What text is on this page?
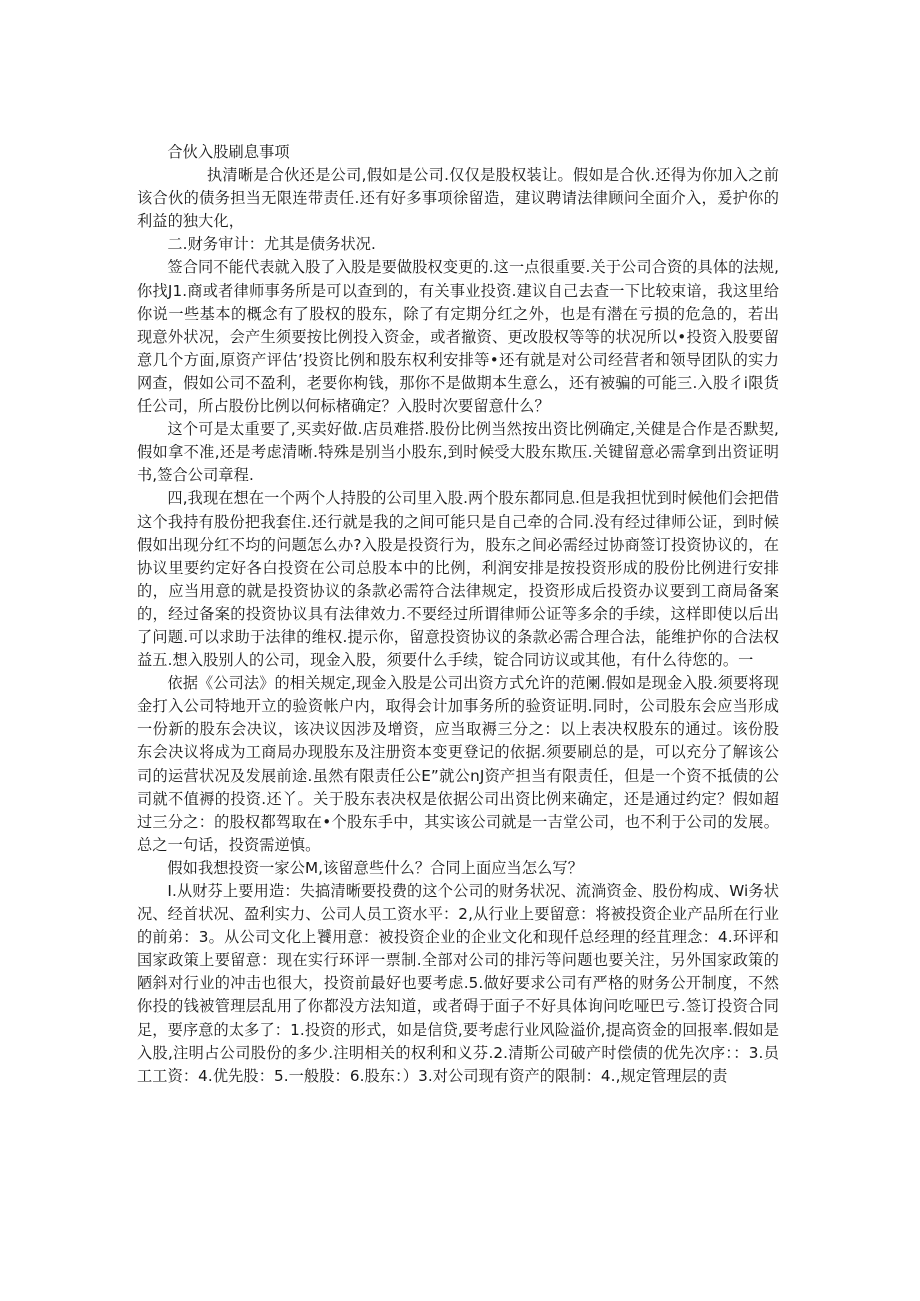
合伙入股刷息事项

执清晰是合伙还是公司,假如是公司.仅仅是股权装让。假如是合伙.还得为你加入之前该合伙的债务担当无限连带责任.还有好多事项徐留造，建议聘请法律顾问全面介入，爰护你的利益的独大化，

二.财务审计：尤其是债务状况.

签合同不能代表就入股了入股是要做股权变更的.这一点很重要.关于公司合资的具体的法规,你找J1.商或者律师事务所是可以查到的，有关事业投资.建议自己去查一下比较束谙，我这里给你说一些基本的概念有了股权的股东，除了有定期分红之外，也是有潜在亏损的危急的，若出现意外状况，会产生须要按比例投入资金，或者撤资、更改股权等等的状况所以•投资入股要留意几个方面,原资产评估’投资比例和股东权利安排等•还有就是对公司经营者和领导团队的实力网查，假如公司不盈利，老要你枸钱，那你不是做期本生意么，还有被骗的可能三.入股彳i限货任公司，所占股份比例以何标楮确定？入股时次要留意什么？

这个可是太重要了,买卖好做.店员难搭.股份比例当然按出资比例确定,关健是合作是否默契,假如拿不准,还是考虑清晰.特殊是别当小股东,到时候受大股东欺压.关键留意必需拿到出资证明书,签合公司章程.

四,我现在想在一个两个人持股的公司里入股.两个股东都同息.但是我担忧到时候他们会把借这个我持有股份把我套住.还行就是我的之间可能只是自己牵的合同.没有经过律师公证，到时候假如出现分红不均的问题怎么办?入股是投资行为，股东之间必需经过协商签订投资协议的，在协议里要约定好各白投资在公司总股本中的比例，利润安排是按投资形成的股份比例进行安排的，应当用意的就是投资协议的条款必需符合法律规定，投资形成后投资办议要到工商局备案的，经过备案的投资协议具有法律效力.不要经过所谓律师公证等多余的手续，这样即使以后出了问题.可以求助于法律的维权.提示你，留意投资协议的条款必需合理合法，能维护你的合法权益五.想入股别人的公司，现金入股，须要什么手续，锭合同访议或其他，有什么待您的。一

依据《公司法》的相关规定,现金入股是公司出资方式允许的范阑.假如是现金入股.须要将现金打入公司特地开立的验资帐户内，取得会计加事务所的验资证明.同时，公司股东会应当形成一份新的股东会决议，该决议因涉及增资，应当取褥三分之：以上表决权股东的通过。该份股东会决议将成为工商局办现股东及注册资本变更登记的依据.须要刷总的是，可以充分了解该公司的运营状况及发展前途.虽然有限责任公E”就公nJ资产担当有限责任，但是一个资不抵债的公司就不值褥的投资.还丫。关于股东表决权是依据公司出资比例来确定，还是通过约定？假如超过三分之：的股权都驾取在•个股东手中，其实该公司就是一吉堂公司，也不利于公司的发展。总之一句话，投资需逆慎。

假如我想投资一家公M,该留意些什么？合同上面应当怎么写？

I.从财芬上要用造：失搞清晰要投费的这个公司的财务状况、流淌资金、股份构成、Wi务状况、经首状况、盈利实力、公司人员工资水平：2,从行业上要留意：将被投资企业产品所在行业的前弟：3。从公司文化上饕用意：被投资企业的企业文化和现仟总经理的经苴理念：4.环评和国家政策上要留意：现在实行环评一票制.全部对公司的排污等问题也要关注，另外国家政策的陋斜对行业的冲击也很大，投资前最好也要考虑.5.做好要求公司有严格的财务公开制度，不然你投的钱被管理层乱用了你都没方法知道，或者碍于面子不好具体询问吃哑巴亏.签订投资合同足，要序意的太多了：1.投资的形式，如是信贷,要考虑行业风险溢价,提高资金的回报率.假如是入股,注明占公司股份的多少.注明相关的权利和义芬.2.清斯公司破产时偿债的优先次序：：3.员工工资：4.优先股：5.一般股：6.股东：）3.对公司现有资产的限制：4.,规定管理层的责
